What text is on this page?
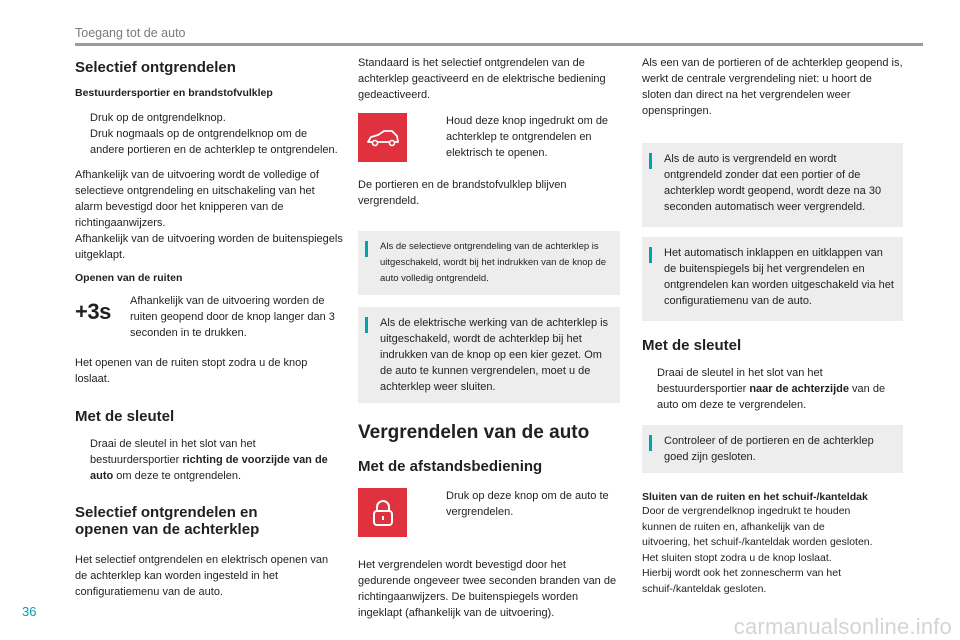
Toegang tot de auto
36
carmanualsonline.info
Selectief ontgrendelen
Bestuurdersportier en brandstofvulklep
Druk op de ontgrendelknop.
Druk nogmaals op de ontgrendelknop om de andere portieren en de achterklep te ontgrendelen.

Afhankelijk van de uitvoering wordt de volledige of selectieve ontgrendeling en uitschakeling van het alarm bevestigd door het knipperen van de richtingaanwijzers.

Afhankelijk van de uitvoering worden de buitenspiegels uitgeklapt.

Openen van de ruiten
+3s	Afhankelijk van de uitvoering worden de ruiten geopend door de knop langer dan 3 seconden in te drukken.

Het openen van de ruiten stopt zodra u de knop loslaat.

Met de sleutel
Draai de sleutel in het slot van het bestuurdersportier richting de voorzijde van de auto om deze te ontgrendelen.
Selectief ontgrendelen en
openen van de achterklep

Het selectief ontgrendelen en elektrisch openen van de achterklep kan worden ingesteld in het configuratiemenu van de auto.

Standaard is het selectief ontgrendelen van de achterklep geactiveerd en de elektrische bediening gedeactiveerd.

Houd deze knop ingedrukt om de achterklep te ontgrendelen en elektrisch te openen.

De portieren en de brandstofvulklep blijven vergrendeld.

Als de selectieve ontgrendeling van de achterklep is uitgeschakeld, wordt bij het indrukken van de knop de auto volledig ontgrendeld.

Als de elektrische werking van de achterklep is uitgeschakeld, wordt de achterklep bij het indrukken van de knop op een kier gezet. Om de auto te kunnen vergrendelen, moet u de achterklep weer sluiten.

Vergrendelen van de auto
Met de afstandsbediening
Druk op deze knop om de auto te vergrendelen.

Het vergrendelen wordt bevestigd door het gedurende ongeveer twee seconden branden van de richtingaanwijzers. De buitenspiegels worden ingeklapt (afhankelijk van de uitvoering).

Als een van de portieren of de achterklep geopend is, werkt de centrale vergrendeling niet: u hoort de sloten dan direct na het vergrendelen weer openspringen.

Als de auto is vergrendeld en wordt ontgrendeld zonder dat een portier of de achterklep wordt geopend, wordt deze na 30 seconden automatisch weer vergrendeld.

Het automatisch inklappen en uitklappen van de buitenspiegels bij het vergrendelen en ontgrendelen kan worden uitgeschakeld via het configuratiemenu van de auto.

Met de sleutel
Draai de sleutel in het slot van het bestuurdersportier naar de achterzijde van de auto om deze te vergrendelen.

Controleer of de portieren en de achterklep goed zijn gesloten.

Sluiten van de ruiten en het schuif-/kanteldak
Door de vergrendelknop ingedrukt te houden
kunnen de ruiten en, afhankelijk van de
uitvoering, het schuif-/kanteldak worden gesloten.
Het sluiten stopt zodra u de knop loslaat.
Hierbij wordt ook het zonnescherm van het
schuif-/kanteldak gesloten.
